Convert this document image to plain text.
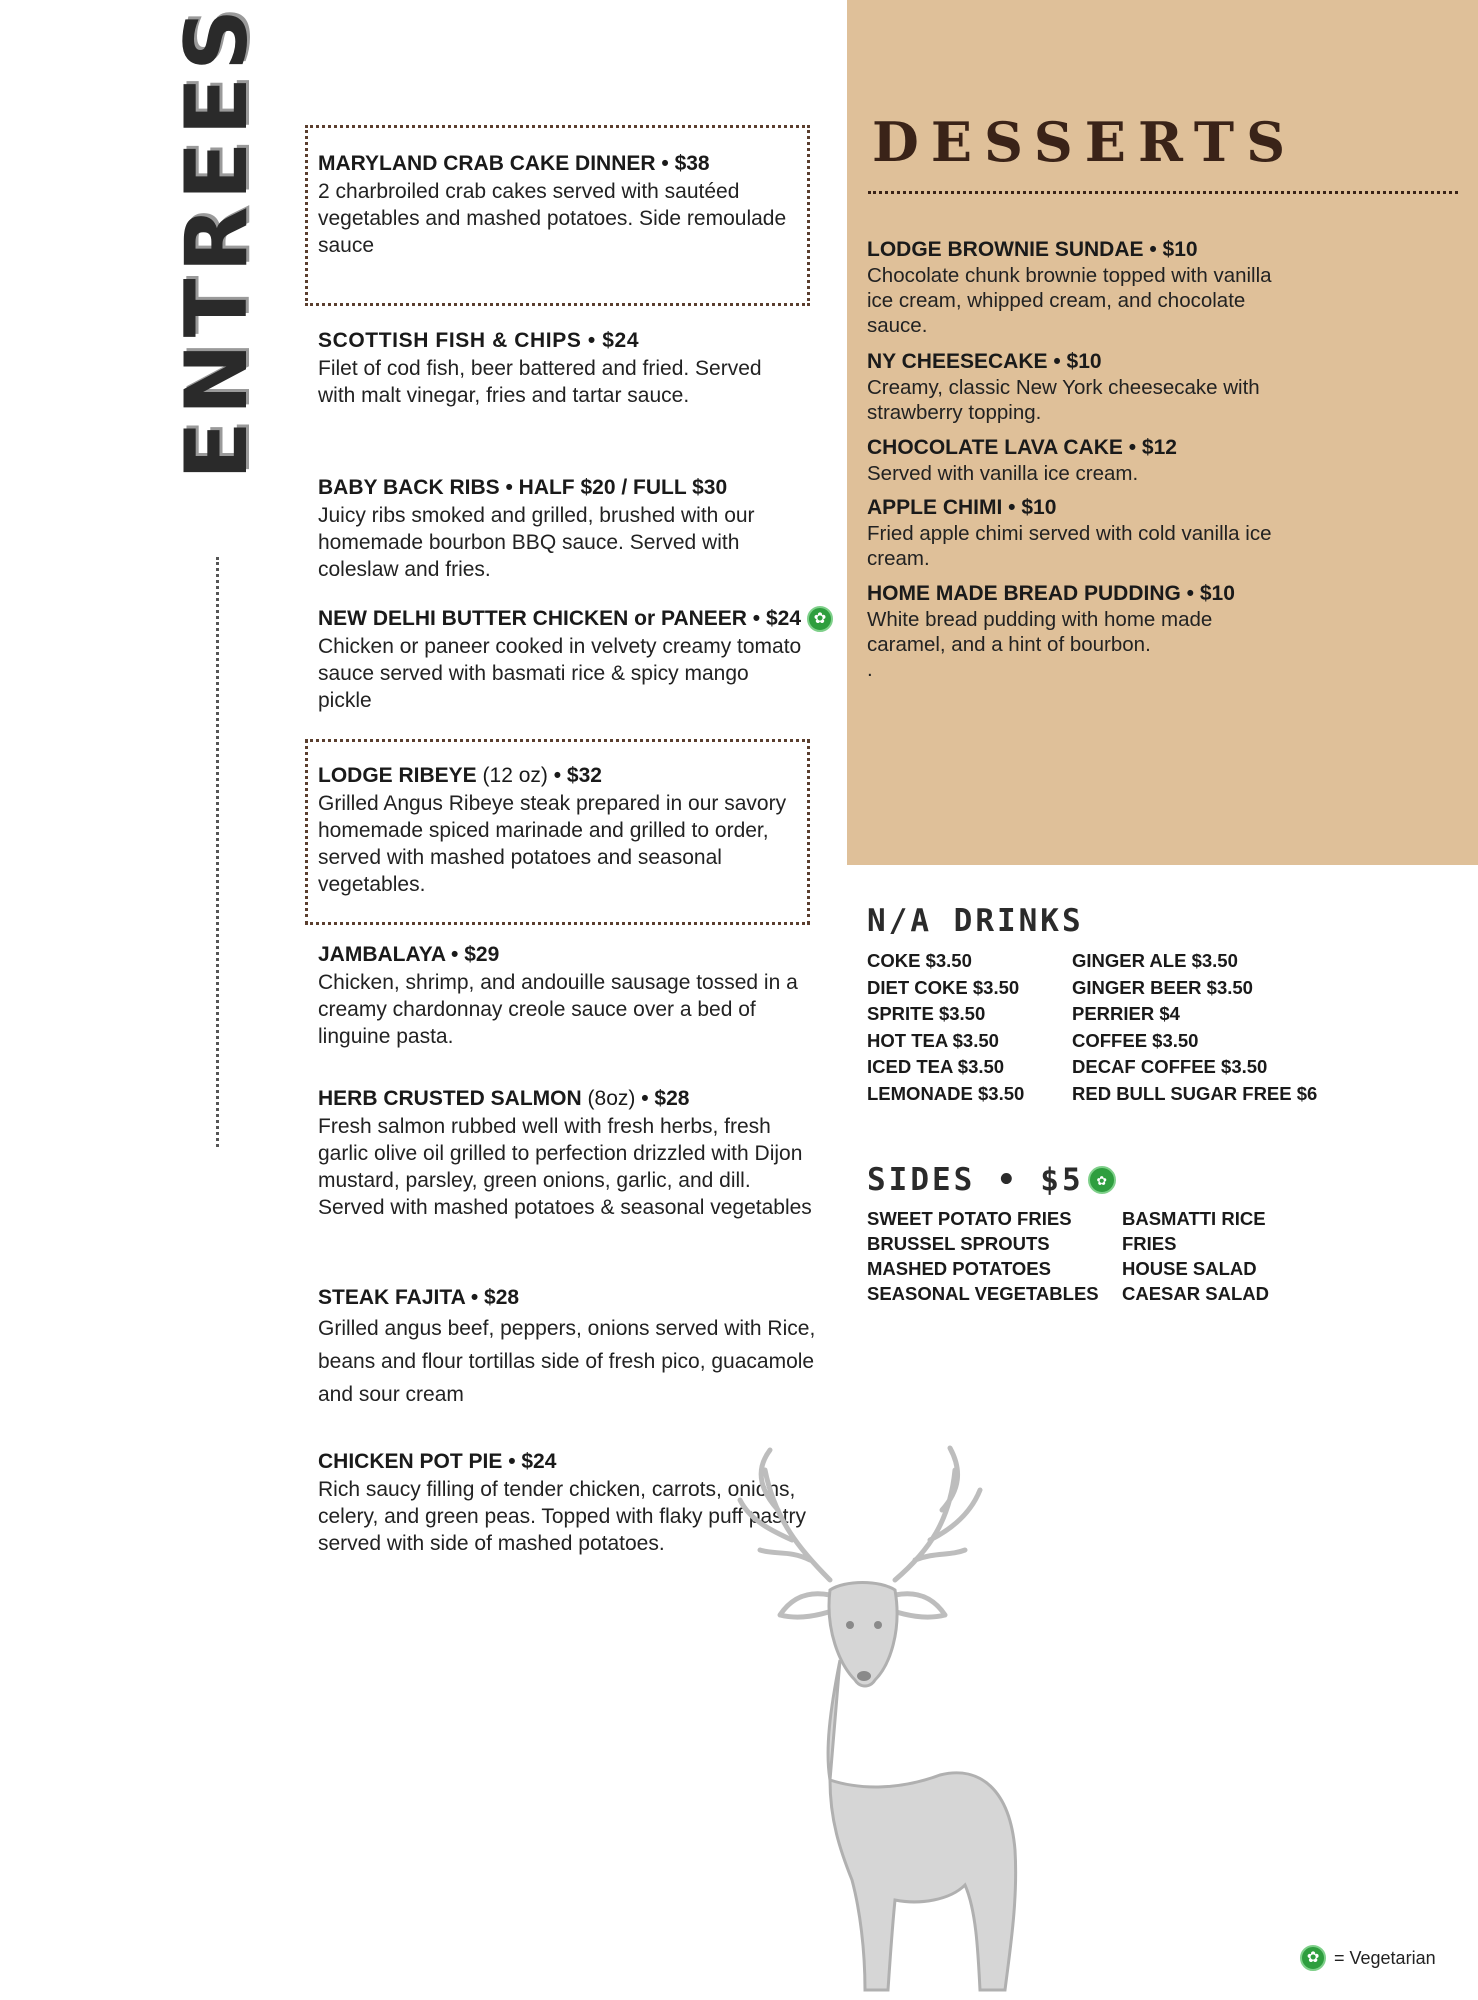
ENTREES MARYLAND CRAB CAKE DINNER • $38
2 charbroiled crab cakes served with sautéed vegetables and mashed potatoes. Side remoulade sauce
SCOTTISH FISH & CHIPS • $24
Filet of cod fish, beer battered and fried. Served with malt vinegar, fries and tartar sauce.
BABY BACK RIBS • HALF $20 / FULL $30
Juicy ribs smoked and grilled, brushed with our homemade bourbon BBQ sauce. Served with coleslaw and fries.
NEW DELHI BUTTER CHICKEN or PANEER • $24 ✿
Chicken or paneer cooked in velvety creamy tomato sauce served with basmati rice & spicy mango pickle
LODGE RIBEYE (12 oz) • $32
Grilled Angus Ribeye steak prepared in our savory homemade spiced marinade and grilled to order, served with mashed potatoes and seasonal vegetables.
JAMBALAYA • $29
Chicken, shrimp, and andouille sausage tossed in a creamy chardonnay creole sauce over a bed of linguine pasta.
HERB CRUSTED SALMON (8oz) • $28
Fresh salmon rubbed well with fresh herbs, fresh garlic olive oil grilled to perfection drizzled with Dijon mustard, parsley, green onions, garlic, and dill. Served with mashed potatoes & seasonal vegetables
STEAK FAJITA • $28
Grilled angus beef, peppers, onions served with Rice, beans and flour tortillas side of fresh pico, guacamole and sour cream
CHICKEN POT PIE • $24
Rich saucy filling of tender chicken, carrots, onions, celery, and green peas. Topped with flaky puff pastry served with side of mashed potatoes.
DESSERTS
LODGE BROWNIE SUNDAE • $10
Chocolate chunk brownie topped with vanilla ice cream, whipped cream, and chocolate sauce.
NY CHEESECAKE • $10
Creamy, classic New York cheesecake with strawberry topping.
CHOCOLATE LAVA CAKE • $12
Served with vanilla ice cream.
APPLE CHIMI • $10
Fried apple chimi served with cold vanilla ice cream.
HOME MADE BREAD PUDDING • $10
White bread pudding with home made caramel, and a hint of bourbon.
.
N/A DRINKS
COKE $3.50
DIET COKE $3.50
SPRITE $3.50
HOT TEA $3.50
ICED TEA $3.50
LEMONADE $3.50
GINGER ALE $3.50
GINGER BEER $3.50
PERRIER $4
COFFEE $3.50
DECAF COFFEE $3.50
RED BULL SUGAR FREE $6
SIDES • $5 ✿
SWEET POTATO FRIES
BRUSSEL SPROUTS
MASHED POTATOES
SEASONAL VEGETABLES
BASMATTI RICE
FRIES
HOUSE SALAD
CAESAR SALAD
✿ = Vegetarian
